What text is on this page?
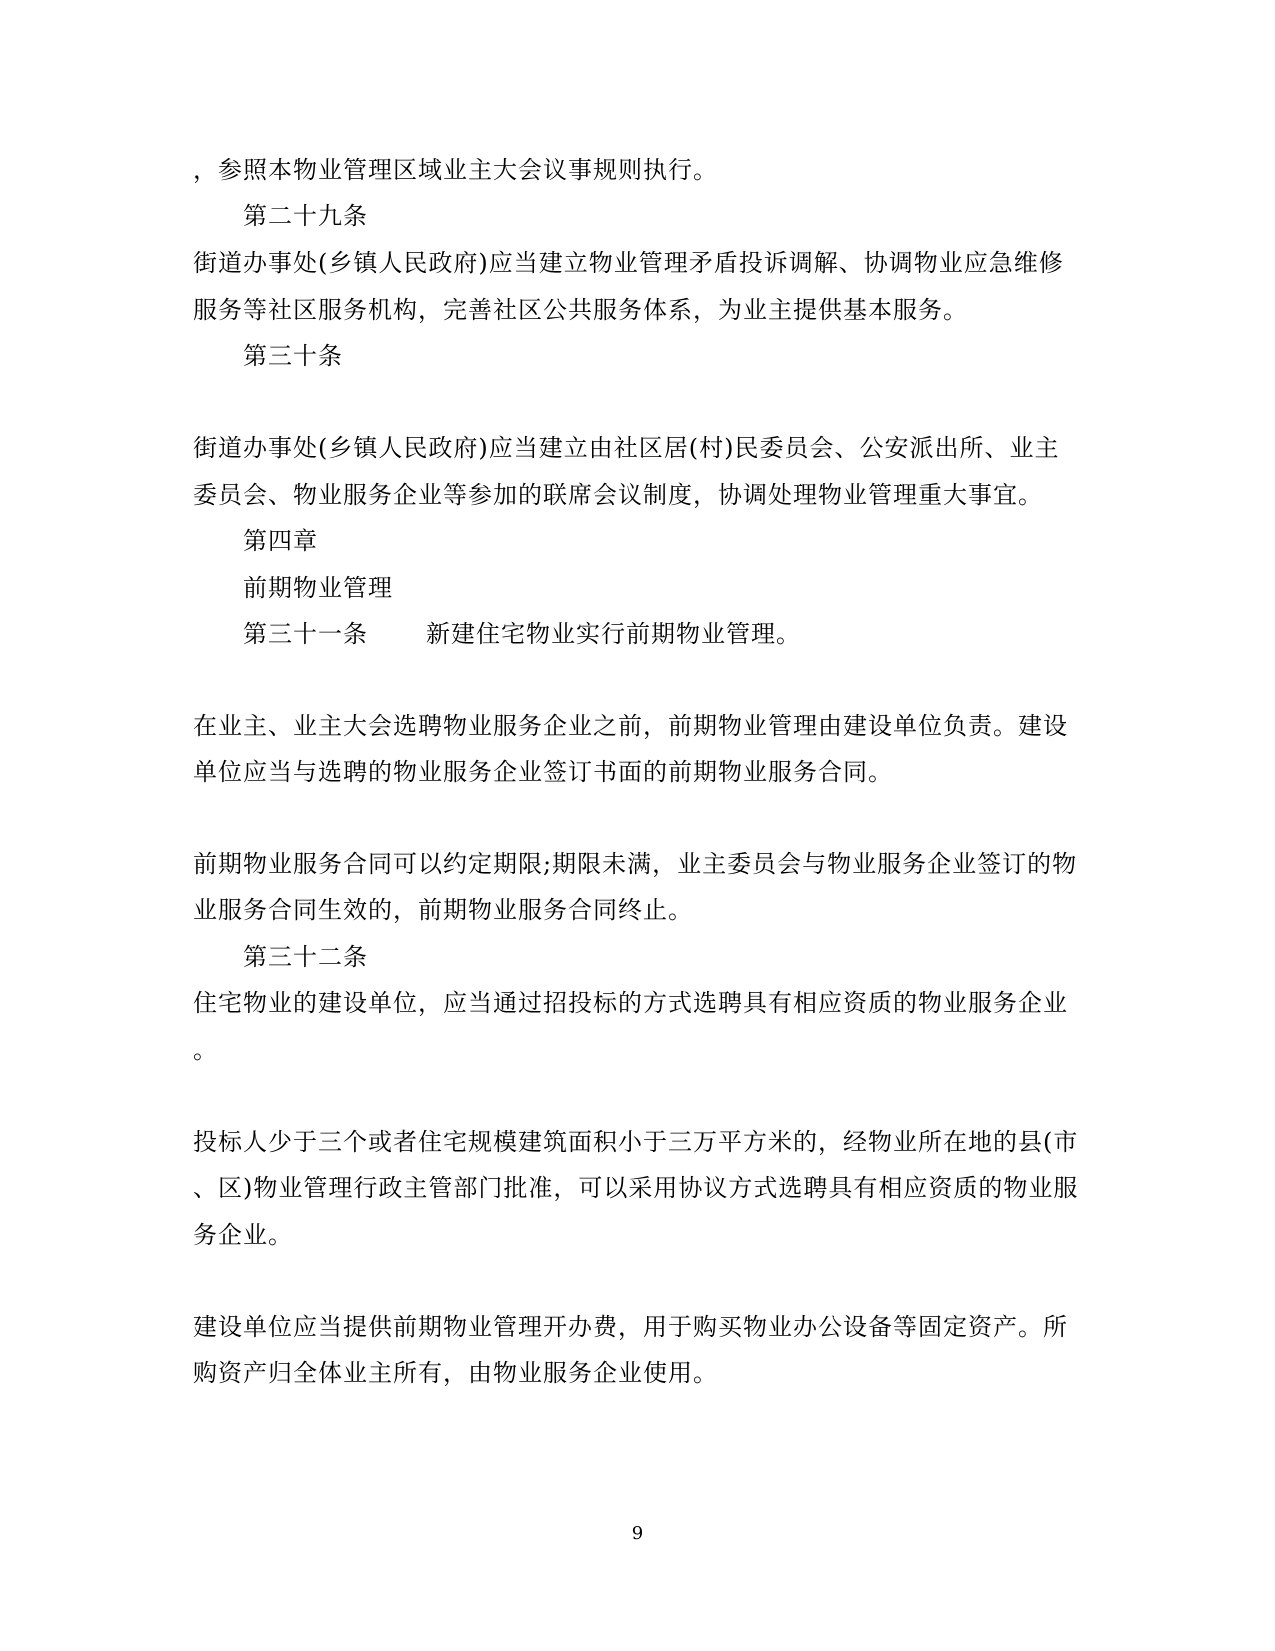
，参照本物业管理区域业主大会议事规则执行。
第二十九条
街道办事处(乡镇人民政府)应当建立物业管理矛盾投诉调解、协调物业应急维修
服务等社区服务机构，完善社区公共服务体系，为业主提供基本服务。
第三十条
街道办事处(乡镇人民政府)应当建立由社区居(村)民委员会、公安派出所、业主
委员会、物业服务企业等参加的联席会议制度，协调处理物业管理重大事宜。
第四章
前期物业管理
第三十一条 新建住宅物业实行前期物业管理。
在业主、业主大会选聘物业服务企业之前，前期物业管理由建设单位负责。建设
单位应当与选聘的物业服务企业签订书面的前期物业服务合同。
前期物业服务合同可以约定期限;期限未满，业主委员会与物业服务企业签订的物
业服务合同生效的，前期物业服务合同终止。
第三十二条
住宅物业的建设单位，应当通过招投标的方式选聘具有相应资质的物业服务企业
。
投标人少于三个或者住宅规模建筑面积小于三万平方米的，经物业所在地的县(市
、区)物业管理行政主管部门批准，可以采用协议方式选聘具有相应资质的物业服
务企业。
建设单位应当提供前期物业管理开办费，用于购买物业办公设备等固定资产。所
购资产归全体业主所有，由物业服务企业使用。
9
